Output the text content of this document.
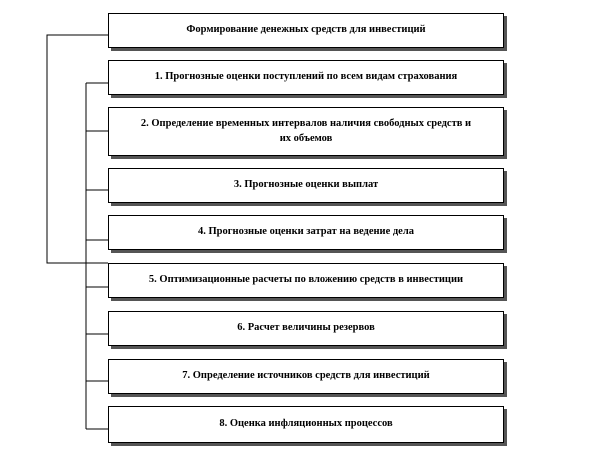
Формирование денежных средств для инвестиций
1. Прогнозные оценки поступлений по всем видам страхования
2. Определение временных интервалов наличия свободных средств и их объемов
3. Прогнозные оценки выплат
4. Прогнозные оценки затрат на ведение дела
5. Оптимизационные расчеты по вложению средств в инвестиции
6. Расчет величины резервов
7. Определение источников средств для инвестиций
8. Оценка инфляционных процессов
